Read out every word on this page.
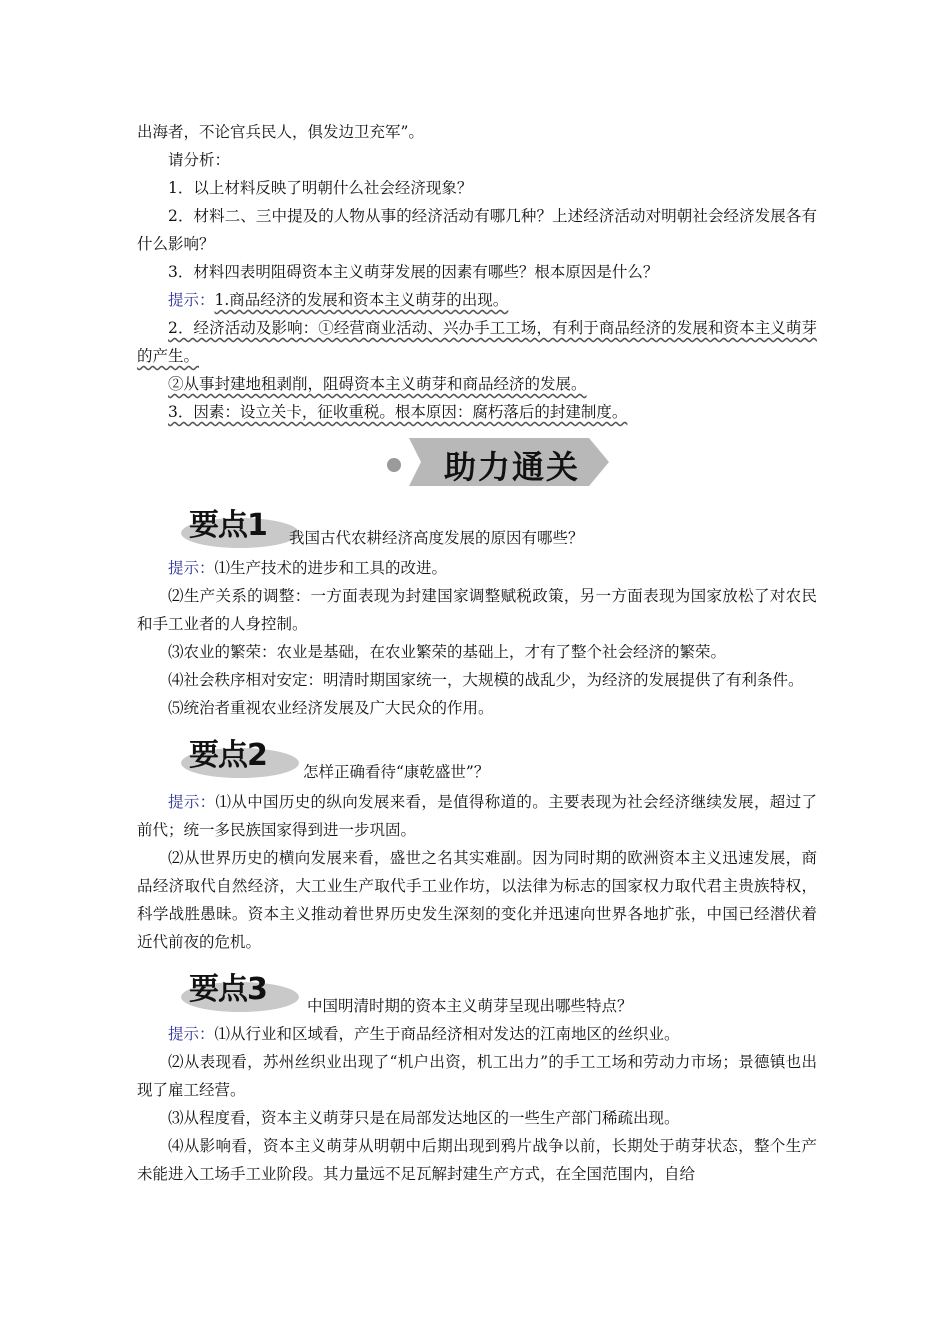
出海者，不论官兵民人，俱发边卫充军”。

请分析：

1．以上材料反映了明朝什么社会经济现象？

2．材料二、三中提及的人物从事的经济活动有哪几种？上述经济活动对明朝社会经济发展各有什么影响？

3．材料四表明阻碍资本主义萌芽发展的因素有哪些？根本原因是什么？

提示：1.商品经济的发展和资本主义萌芽的出现。

2．经济活动及影响：①经营商业活动、兴办手工工场，有利于商品经济的发展和资本主义萌芽的产生。

②从事封建地租剥削，阻碍资本主义萌芽和商品经济的发展。

3．因素：设立关卡，征收重税。根本原因：腐朽落后的封建制度。

助力通关
要点1 我国古代农耕经济高度发展的原因有哪些？

提示：⑴生产技术的进步和工具的改进。

⑵生产关系的调整：一方面表现为封建国家调整赋税政策，另一方面表现为国家放松了对农民和手工业者的人身控制。

⑶农业的繁荣：农业是基础，在农业繁荣的基础上，才有了整个社会经济的繁荣。

⑷社会秩序相对安定：明清时期国家统一，大规模的战乱少，为经济的发展提供了有利条件。

⑸统治者重视农业经济发展及广大民众的作用。

要点2 怎样正确看待“康乾盛世”？

提示：⑴从中国历史的纵向发展来看，是值得称道的。主要表现为社会经济继续发展，超过了前代；统一多民族国家得到进一步巩固。

⑵从世界历史的横向发展来看，盛世之名其实难副。因为同时期的欧洲资本主义迅速发展，商品经济取代自然经济，大工业生产取代手工业作坊，以法律为标志的国家权力取代君主贵族特权，科学战胜愚昧。资本主义推动着世界历史发生深刻的变化并迅速向世界各地扩张，中国已经潜伏着近代前夜的危机。

要点3	中国明清时期的资本主义萌芽呈现出哪些特点？

提示：⑴从行业和区域看，产生于商品经济相对发达的江南地区的丝织业。

⑵从表现看，苏州丝织业出现了“机户出资，机工出力”的手工工场和劳动力市场；景德镇也出现了雇工经营。

⑶从程度看，资本主义萌芽只是在局部发达地区的一些生产部门稀疏出现。

⑷从影响看，资本主义萌芽从明朝中后期出现到鸦片战争以前，长期处于萌芽状态，整个生产未能进入工场手工业阶段。其力量远不足瓦解封建生产方式，在全国范围内，自给
